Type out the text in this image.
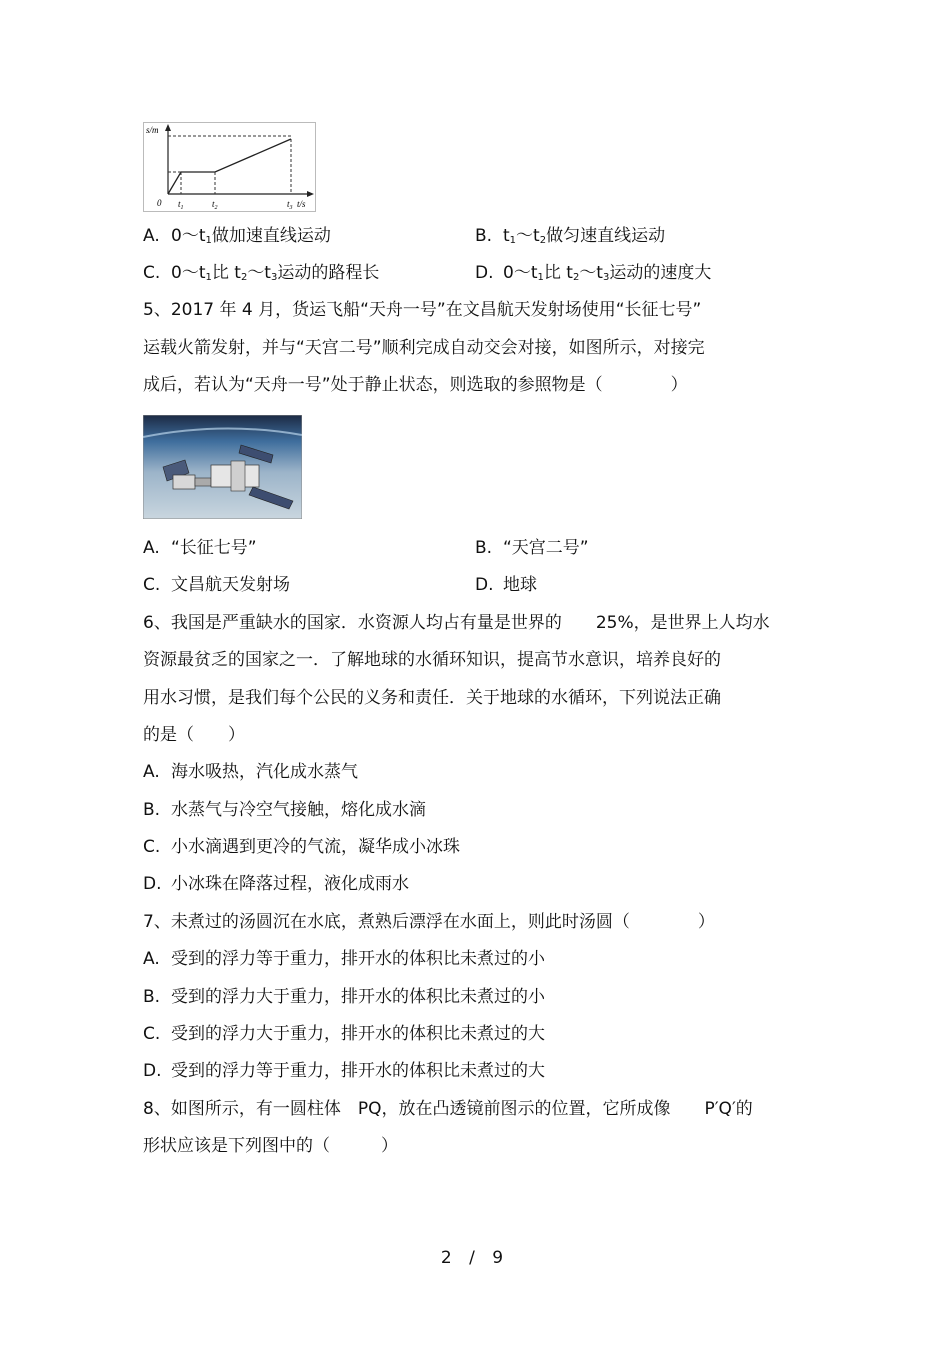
s/m
0 $t_1$	$t_2$	$t_3$ t/s
A. $0\sim t_1$做加速直线运动	B. $t_1\sim t_2$做匀速直线运动
C. $0\sim t_1$比 $t_2\sim t_3$运动的路程长	D. $0\sim t_1$比 $t_2\sim t_3$运动的速度大
5、2017 年 4 月，货运飞船“天舟一号”在文昌航天发射场使用“长征七号”
运载火箭发射，并与“天宫二号”顺利完成自动交会对接，如图所示，对接完
成后，若认为“天舟一号”处于静止状态，则选取的参照物是（　　　　）
A. “长征七号”	B. “天宫二号”
C. 文昌航天发射场	D. 地球
6、我国是严重缺水的国家．水资源人均占有量是世界的　　25%，是世界上人均水
资源最贫乏的国家之一．了解地球的水循环知识，提高节水意识，培养良好的
用水习惯，是我们每个公民的义务和责任．关于地球的水循环，下列说法正确
的是（　　）
A. 海水吸热，汽化成水蒸气
B. 水蒸气与冷空气接触，熔化成水滴
C. 小水滴遇到更冷的气流，凝华成小冰珠
D. 小冰珠在降落过程，液化成雨水
7、未煮过的汤圆沉在水底，煮熟后漂浮在水面上，则此时汤圆（　　　　）
A. 受到的浮力等于重力，排开水的体积比未煮过的小
B. 受到的浮力大于重力，排开水的体积比未煮过的小
C. 受到的浮力大于重力，排开水的体积比未煮过的大
D. 受到的浮力等于重力，排开水的体积比未煮过的大
8、如图所示，有一圆柱体　PQ，放在凸透镜前图示的位置，它所成像　　P′Q′的
形状应该是下列图中的（　　　）
2 / 9
